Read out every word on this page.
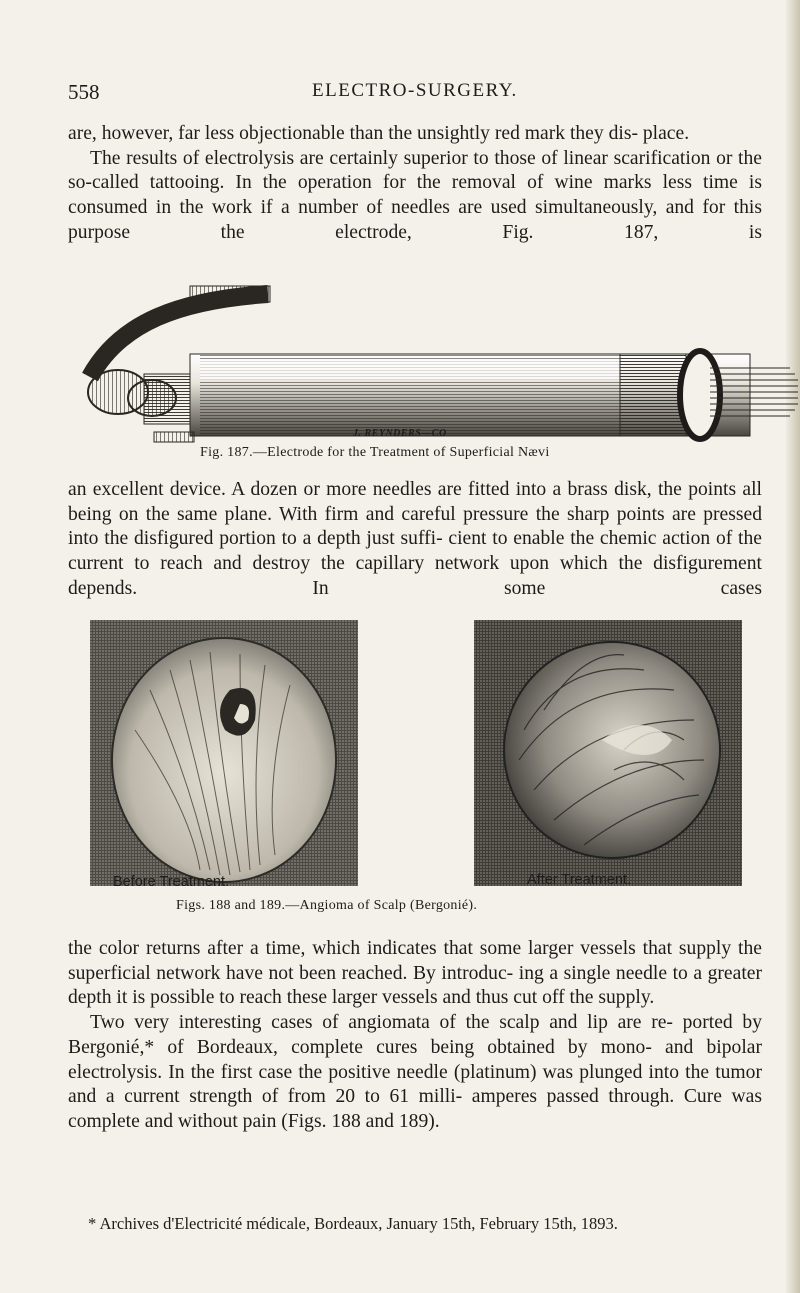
558	ELECTRO-SURGERY.

are, however, far less objectionable than the unsightly red mark they dis- place.

The results of electrolysis are certainly superior to those of linear scarification or the so-called tattooing. In the operation for the removal of wine marks less time is consumed in the work if a number of needles are used simultaneously, and for this purpose the electrode, Fig. 187, is

J. REYNDERS—CO
Fig. 187.—Electrode for the Treatment of Superficial Nævi

an excellent device. A dozen or more needles are fitted into a brass disk, the points all being on the same plane. With firm and careful pressure the sharp points are pressed into the disfigured portion to a depth just suffi- cient to enable the chemic action of the current to reach and destroy the capillary network upon which the disfigurement depends. In some cases

Before Treatment.	After Treatment.
Figs. 188 and 189.—Angioma of Scalp (Bergonié).

the color returns after a time, which indicates that some larger vessels that supply the superficial network have not been reached. By introduc- ing a single needle to a greater depth it is possible to reach these larger vessels and thus cut off the supply.

Two very interesting cases of angiomata of the scalp and lip are re- ported by Bergonié,* of Bordeaux, complete cures being obtained by mono- and bipolar electrolysis. In the first case the positive needle (platinum) was plunged into the tumor and a current strength of from 20 to 61 milli- amperes passed through. Cure was complete and without pain (Figs. 188 and 189).

* Archives d'Electricité médicale, Bordeaux, January 15th, February 15th, 1893.
